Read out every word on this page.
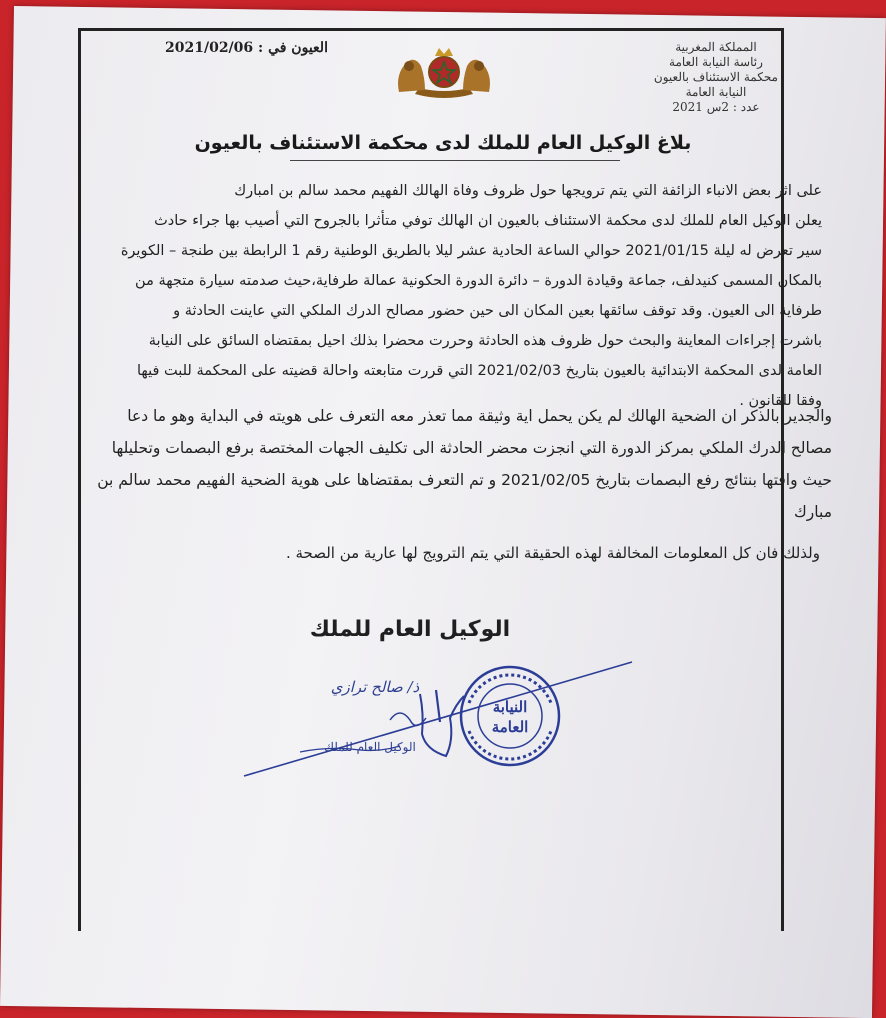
المملكة المغربية
رئاسة النيابة العامة
محكمة الاستئناف بالعيون
النيابة العامة
عدد : 2س 2021
العيون في : 2021/02/06
بلاغ الوكيل العام للملك لدى محكمة الاستئناف بالعيون
على اثر بعض الانباء الزائفة التي يتم ترويجها حول ظروف وفاة الهالك الفهيم محمد سالم بن امبارك
يعلن الوكيل العام للملك لدى محكمة الاستئناف بالعيون ان الهالك توفي متأثرا بالجروح التي أصيب بها جراء حادث
سير تعرض له ليلة 2021/01/15 حوالي الساعة الحادية عشر ليلا بالطريق الوطنية رقم 1 الرابطة بين طنجة – الكويرة
بالمكان المسمى كنيدلف، جماعة وقيادة الدورة – دائرة الدورة الحكونية عمالة طرفاية،حيث صدمته سيارة متجهة من
طرفاية الى العيون. وقد توقف سائقها بعين المكان الى حين حضور مصالح الدرك الملكي التي عاينت الحادثة و
باشرت إجراءات المعاينة والبحث حول ظروف هذه الحادثة وحررت محضرا بذلك احيل بمقتضاه السائق على النيابة
العامة لدى المحكمة الابتدائية بالعيون بتاريخ 2021/02/03 التي قررت متابعته واحالة قضيته على المحكمة للبت فيها
وفقا للقانون .
والجدير بالذكر ان الضحية الهالك لم يكن يحمل اية وثيقة مما تعذر معه التعرف على هويته في البداية وهو ما دعا
مصالح الدرك الملكي بمركز الدورة التي انجزت محضر الحادثة الى تكليف الجهات المختصة برفع البصمات وتحليلها
حيث وافتها بنتائج رفع البصمات بتاريخ 2021/02/05 و تم التعرف بمقتضاها على هوية الضحية الفهيم محمد سالم بن
مبارك
ولذلك فان كل المعلومات المخالفة لهذه الحقيقة التي يتم الترويج لها عارية من الصحة .
الوكيل العام للملك
النيابة
العامة
ذ/ صالح ترازي
الوكيل العام للملك
